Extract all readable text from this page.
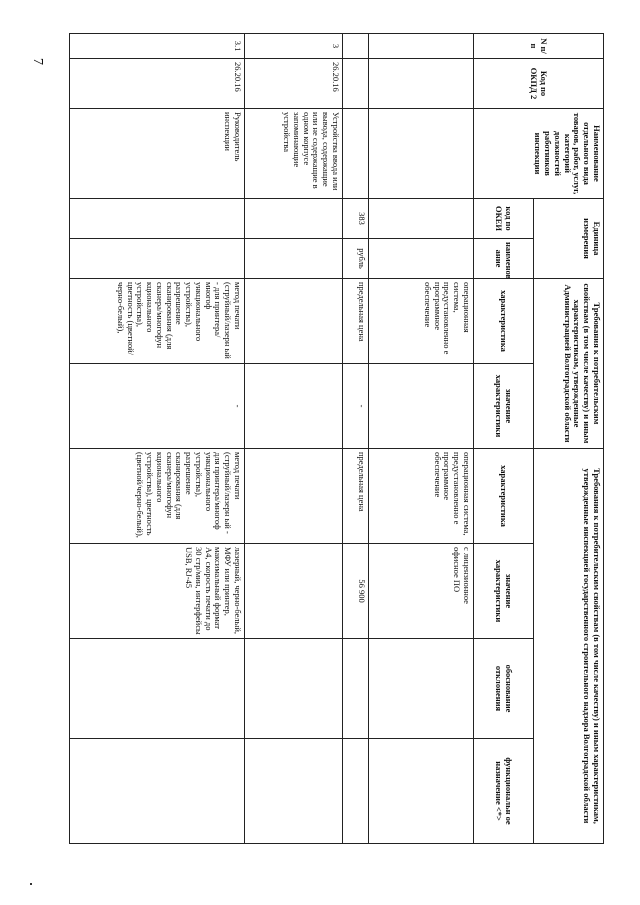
7
N п/п	Код по ОКПД 2	Наименование отдельного вида товаров, работ, услуг, категорий должностей работников инспекции	Единица измерения		Требования к потребительским свойствам (в том числе качеству) и иным характеристикам, утвержденные Администрацией Волгоградской области		Требования к потребительским свойствам (в том числе качеству) и иным характеристикам, утвержденные инспекцией государственного строительного надзора Волгоградской области			
			код по ОКЕИ	наименов ание	характеристика	значение характеристики	характеристика	значение характеристики	обоснование отклонения	функциональн ое назначение <*>
					операционная система, предустановленно е программное обеспечение		операционная система, предустановленно е программное обеспечение	с лицензионное офисное ПО		
			383	рубль	предельная цена	-	предельная цена	56 900		
3	26.20.16	Устройства ввода или вывода, содержащие или не содержащие в одном корпусе запоминающие устройства								
3.1	26.20.16	Руководитель инспекции			метод печати (струйный/лазерн ый - для принтера/многоф ункционального устройства), разрешение сканирования (для сканера/многофун кционального устройства), цветность (цветной/черно-белый),	-	метод печати (струйный/лазерн ый - для принтера/многоф ункционального устройства), разрешение сканирования (для сканера/многофун кционального устройства), цветность (цветной/черно-белый),	лазерный, черно-белый, МФУ или принтер, максимальный формат А4, скорость печати до 30 стр/мин, интерфейсы USB, RJ-45		
